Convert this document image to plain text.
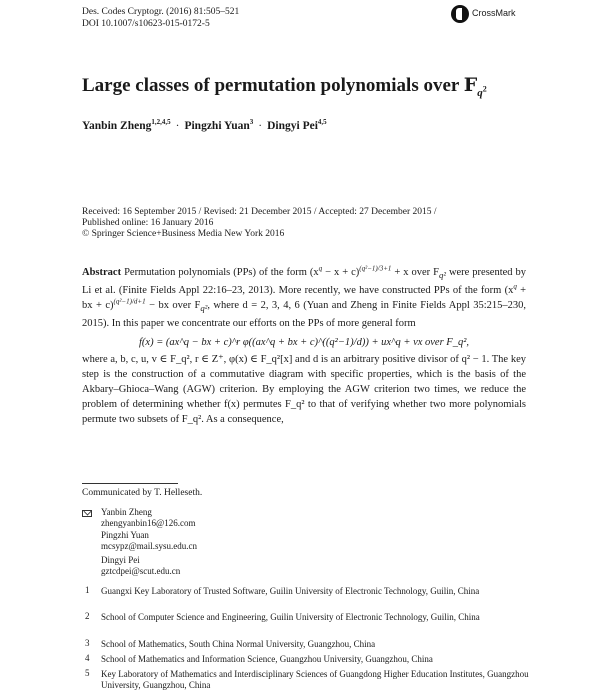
Des. Codes Cryptogr. (2016) 81:505–521
DOI 10.1007/s10623-015-0172-5
CrossMark
Large classes of permutation polynomials over $F_{q^2}$
Yanbin Zheng$^{1,2,4,5}$ · Pingzhi Yuan$^3$ · Dingyi Pei$^{4,5}$
Received: 16 September 2015 / Revised: 21 December 2015 / Accepted: 27 December 2015 /
Published online: 16 January 2016
© Springer Science+Business Media New York 2016
Abstract Permutation polynomials (PPs) of the form $(x^q - x + c)^{(q^2-1)/3+1} + x$ over $F_{q^2}$ were presented by Li et al. (Finite Fields Appl 22:16–23, 2013). More recently, we have constructed PPs of the form ($x^q$ + bx + c)$^{(q^2-1)/d+1}$ − bx over $F_{q^2}$, where d = 2, 3, 4, 6 (Yuan and Zheng in Finite Fields Appl 35:215–230, 2015). In this paper we concentrate our efforts on the PPs of more general form
f(x) = (ax^q − bx + c)^r φ((ax^q + bx + c)^((q²−1)/d)) + ux^q + vx over F_q²,
where a, b, c, u, v ∈ F_q², r ∈ Z⁺, φ(x) ∈ F_q²[x] and d is an arbitrary positive divisor of q² − 1. The key step is the construction of a commutative diagram with specific properties, which is the basis of the Akbary–Ghioca–Wang (AGW) criterion. By employing the AGW criterion two times, we reduce the problem of determining whether f(x) permutes F_q² to that of verifying whether two more polynomials permute two subsets of F_q². As a consequence,
Communicated by T. Helleseth.
Yanbin Zheng
zhengyanbin16@126.com
Pingzhi Yuan
mcsypz@mail.sysu.edu.cn
Dingyi Pei
gztcdpei@scut.edu.cn
1 Guangxi Key Laboratory of Trusted Software, Guilin University of Electronic Technology, Guilin, China
2 School of Computer Science and Engineering, Guilin University of Electronic Technology, Guilin, China
3 School of Mathematics, South China Normal University, Guangzhou, China
4 School of Mathematics and Information Science, Guangzhou University, Guangzhou, China
5 Key Laboratory of Mathematics and Interdisciplinary Sciences of Guangdong Higher Education Institutes, Guangzhou University, Guangzhou, China
